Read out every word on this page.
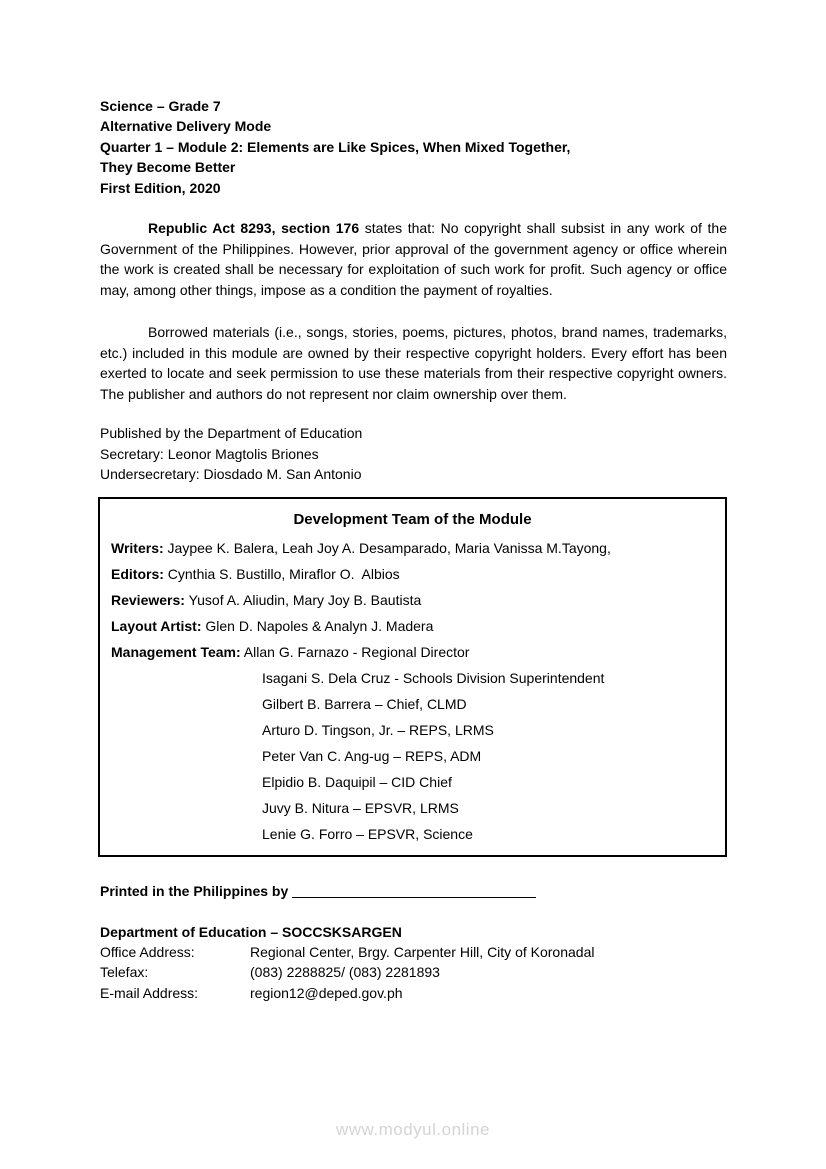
Science – Grade 7
Alternative Delivery Mode
Quarter 1 – Module 2: Elements are Like Spices, When Mixed Together,
They Become Better
First Edition, 2020

Republic Act 8293, section 176 states that: No copyright shall subsist in any work of the Government of the Philippines. However, prior approval of the government agency or office wherein the work is created shall be necessary for exploitation of such work for profit. Such agency or office may, among other things, impose as a condition the payment of royalties.

Borrowed materials (i.e., songs, stories, poems, pictures, photos, brand names, trademarks, etc.) included in this module are owned by their respective copyright holders. Every effort has been exerted to locate and seek permission to use these materials from their respective copyright owners. The publisher and authors do not represent nor claim ownership over them.

Published by the Department of Education
Secretary: Leonor Magtolis Briones
Undersecretary: Diosdado M. San Antonio
Development Team of the Module
Writers: Jaypee K. Balera, Leah Joy A. Desamparado, Maria Vanissa M.Tayong,
Editors: Cynthia S. Bustillo, Miraflor O.  Albios
Reviewers: Yusof A. Aliudin, Mary Joy B. Bautista
Layout Artist: Glen D. Napoles & Analyn J. Madera
Management Team: Allan G. Farnazo - Regional Director
Isagani S. Dela Cruz - Schools Division Superintendent
Gilbert B. Barrera – Chief, CLMD
Arturo D. Tingson, Jr. – REPS, LRMS
Peter Van C. Ang-ug – REPS, ADM
Elpidio B. Daquipil – CID Chief
Juvy B. Nitura – EPSVR, LRMS
Lenie G. Forro – EPSVR, Science
Printed in the Philippines by
Department of Education – SOCCSKSARGEN
Office Address:	Regional Center, Brgy. Carpenter Hill, City of Koronadal
Telefax:	(083) 2288825/ (083) 2281893
E-mail Address:	region12@deped.gov.ph
www.modyul.online
